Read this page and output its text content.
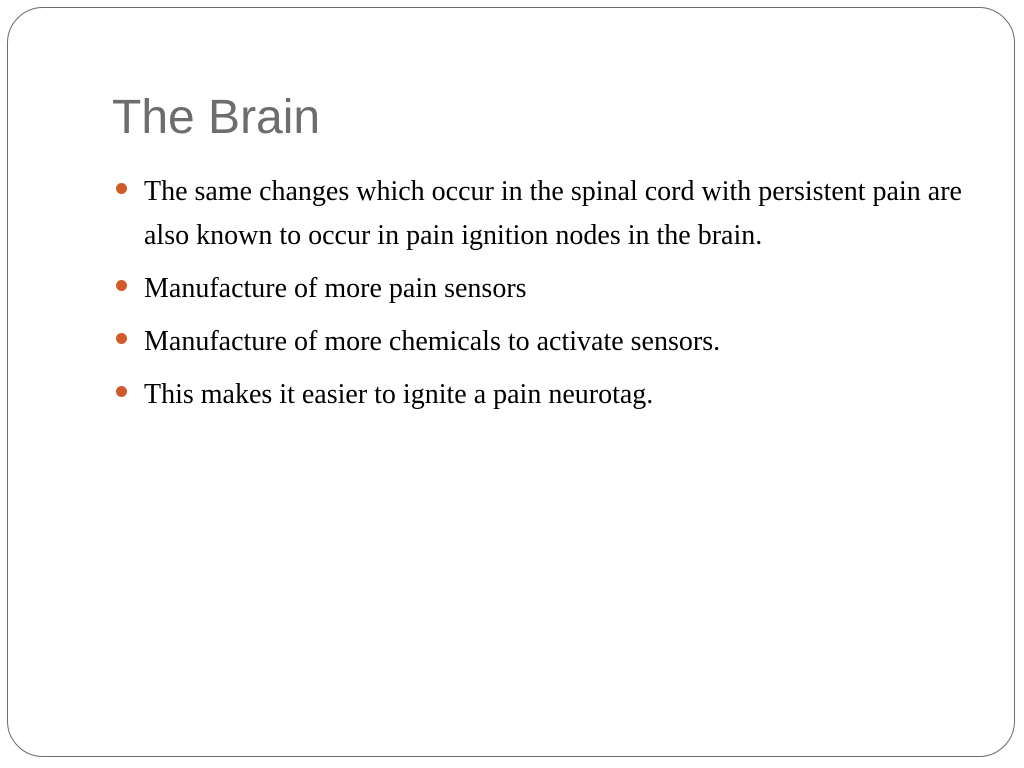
The Brain
The same changes which occur in the spinal cord with persistent pain are also known to occur in pain ignition nodes in the brain.
Manufacture of more pain sensors
Manufacture of more chemicals to activate sensors.
This makes it easier to ignite a pain neurotag.
